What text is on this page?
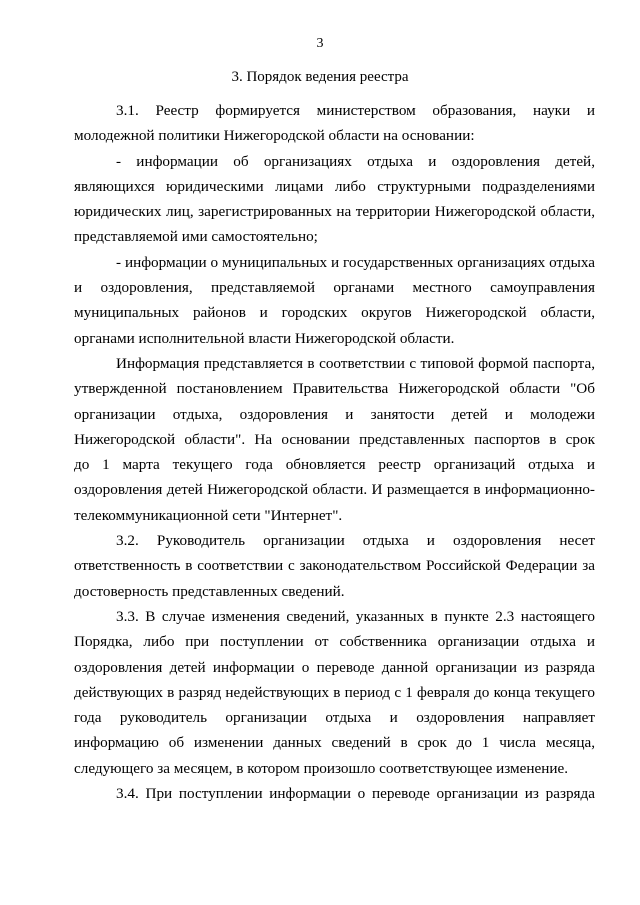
3
3. Порядок ведения реестра
3.1. Реестр формируется министерством образования, науки и
молодежной политики Нижегородской области на основании:
- информации об организациях отдыха и оздоровления детей,
являющихся юридическими лицами либо структурными подразделениями
юридических лиц, зарегистрированных на территории Нижегородской области,
представляемой ими самостоятельно;
- информации о муниципальных и государственных организациях отдыха
и оздоровления, представляемой органами местного самоуправления
муниципальных районов и городских округов Нижегородской области,
органами исполнительной власти Нижегородской области.
Информация представляется в соответствии с типовой формой паспорта,
утвержденной постановлением Правительства Нижегородской области "Об
организации отдыха, оздоровления и занятости детей и молодежи
Нижегородской области". На основании представленных паспортов в срок
до 1 марта текущего года обновляется реестр организаций отдыха и
оздоровления детей Нижегородской области. И размещается в информационно-
телекоммуникационной сети "Интернет".
3.2. Руководитель организации отдыха и оздоровления несет
ответственность в соответствии с законодательством Российской Федерации за
достоверность представленных сведений.
3.3. В случае изменения сведений, указанных в пункте 2.3 настоящего
Порядка, либо при поступлении от собственника организации отдыха и
оздоровления детей информации о переводе данной организации из разряда
действующих в разряд недействующих в период с 1 февраля до конца текущего
года руководитель организации отдыха и оздоровления направляет
информацию об изменении данных сведений в срок до 1 числа месяца,
следующего за месяцем, в котором произошло соответствующее изменение.
3.4. При поступлении информации о переводе организации из разряда
